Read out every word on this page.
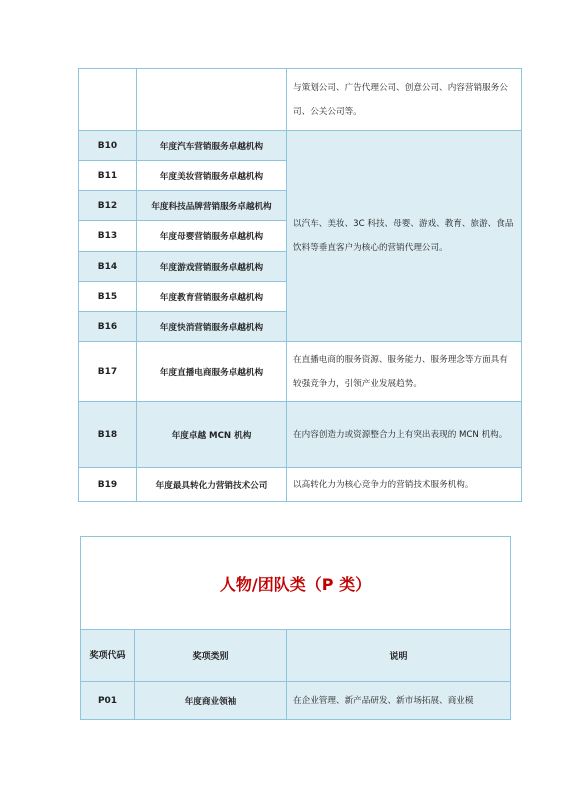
		与策划公司、广告代理公司、创意公司、内容营销服务公司、公关公司等。
B10	年度汽车营销服务卓越机构	以汽车、美妆、3C 科技、母婴、游戏、教育、旅游、食品饮料等垂直客户为核心的营销代理公司。
B11	年度美妆营销服务卓越机构	
B12	年度科技品牌营销服务卓越机构	
B13	年度母婴营销服务卓越机构	
B14	年度游戏营销服务卓越机构	
B15	年度教育营销服务卓越机构	
B16	年度快消营销服务卓越机构	
B17	年度直播电商服务卓越机构	在直播电商的服务资源、服务能力、服务理念等方面具有较强竞争力，引领产业发展趋势。
B18	年度卓越 MCN 机构	在内容创造力或资源整合力上有突出表现的 MCN 机构。
B19	年度最具转化力营销技术公司	以高转化力为核心竞争力的营销技术服务机构。
人物/团队类（P 类）		
奖项代码	奖项类别	说明
P01	年度商业领袖	在企业管理、新产品研发、新市场拓展、商业模
